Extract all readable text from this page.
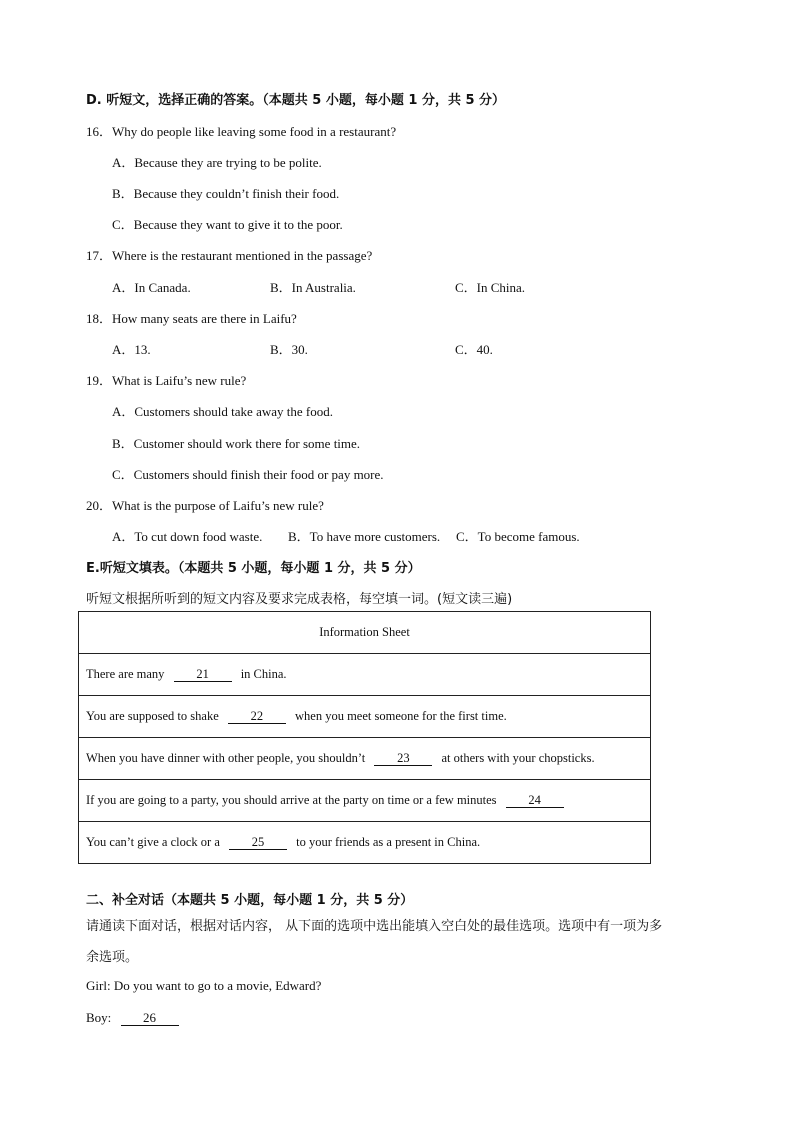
D. 听短文，选择正确的答案。（本题共 5 小题，每小题 1 分，共 5 分）
16．Why do people like leaving some food in a restaurant?
A．Because they are trying to be polite.
B．Because they couldn’t finish their food.
C．Because they want to give it to the poor.
17．Where is the restaurant mentioned in the passage?
A．In Canada.	B．In Australia.	C．In China.
18．How many seats are there in Laifu?
A．13.	B．30.	C．40.
19．What is Laifu’s new rule?
A．Customers should take away the food.
B．Customer should work there for some time.
C．Customers should finish their food or pay more.
20．What is the purpose of Laifu’s new rule?
A．To cut down food waste. B．To have more customers. C．To become famous.
E.听短文填表。（本题共 5 小题，每小题 1 分，共 5 分）
听短文根据所听到的短文内容及要求完成表格，每空填一词。(短文读三遍)
Information Sheet
There are many	21	in China.
You are supposed to shake	22	when you meet someone for the first time.
When you have dinner with other people, you shouldn’t	23	at others with your chopsticks.
If you are going to a party, you should arrive at the party on time or a few minutes	24
You can’t give a clock or a	25	to your friends as a present in China.
二、补全对话（本题共 5 小题，每小题 1 分，共 5 分）
请通读下面对话，根据对话内容， 从下面的选项中选出能填入空白处的最佳选项。选项中有一项为多
余选项。
Girl: Do you want to go to a movie, Edward?
Boy: 26
